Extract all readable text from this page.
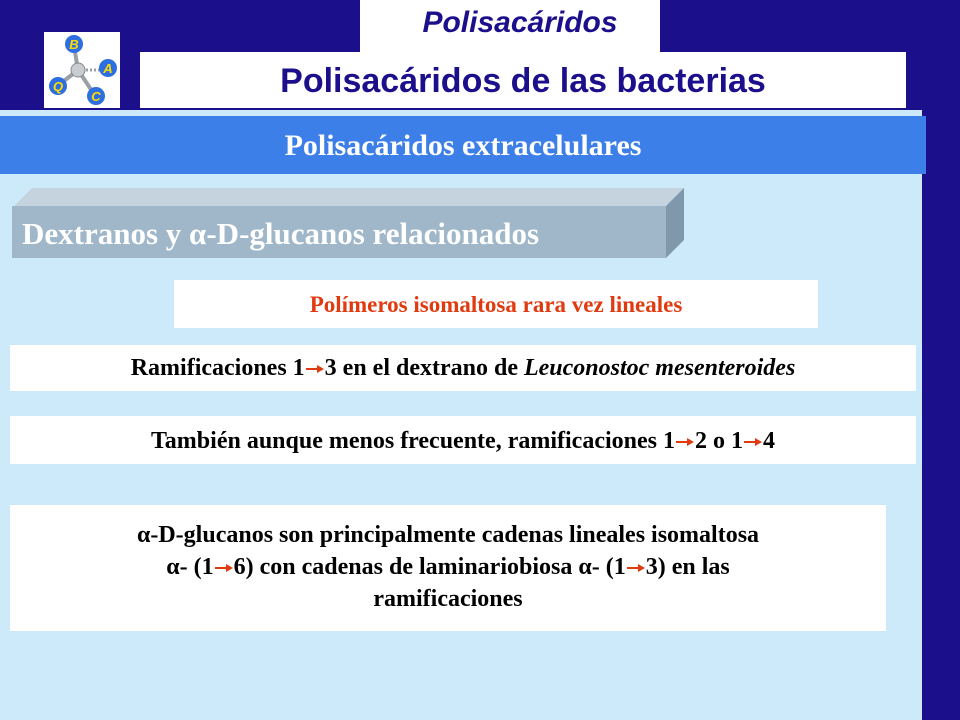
Polisacáridos
Polisacáridos de las bacterias
B
A
C
Q
Polisacáridos extracelulares
Dextranos y α-D-glucanos relacionados
Polímeros isomaltosa rara vez lineales
Ramificaciones 1 3 en el dextrano de Leuconostoc mesenteroides
También aunque menos frecuente, ramificaciones 1 2 o 1 4
α-D-glucanos son principalmente cadenas lineales isomaltosa
α- (1 6) con cadenas de laminariobiosa α- (1 3) en las
ramificaciones
